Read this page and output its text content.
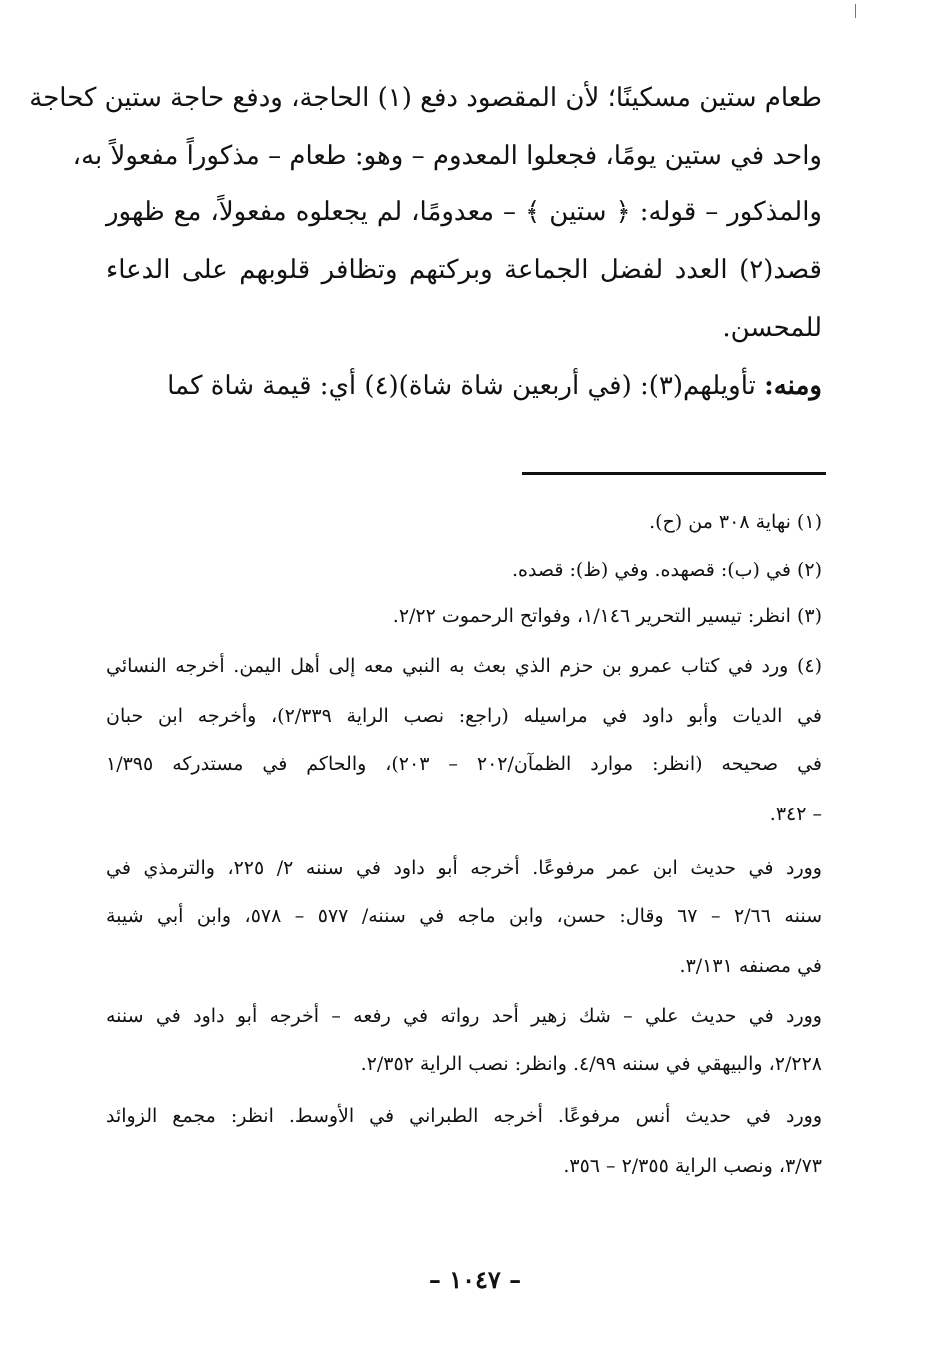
طعام ستين مسكينًا؛ لأن المقصود دفع (١) الحاجة، ودفع حاجة ستين كحاجة
واحد في ستين يومًا، فجعلوا المعدوم – وهو: طعام – مذكوراً مفعولاً به،
والمذكور – قوله: ﴿ ستين ﴾ – معدومًا، لم يجعلوه مفعولاً، مع ظهور
قصد(٢) العدد لفضل الجماعة وبركتهم وتظافر قلوبهم على الدعاء
للمحسن.
ومنه: تأويلهم(٣): (في أربعين شاة شاة)(٤) أي: قيمة شاة كما
(١) نهاية ٣٠٨ من (ح).
(٢) في (ب): قصهده. وفي (ظ): قصده.
(٣) انظر: تيسير التحرير ١/١٤٦، وفواتح الرحموت ٢/٢٢.
(٤) ورد في كتاب عمرو بن حزم الذي بعث به النبي معه إلى أهل اليمن. أخرجه النسائي
في الديات وأبو داود في مراسيله (راجع: نصب الراية ٢/٣٣٩)، وأخرجه ابن حبان
في صحيحه (انظر: موارد الظمآن/٢٠٢ – ٢٠٣)، والحاكم في مستدركه ١/٣٩٥
– ٣٤٢.
وورد في حديث ابن عمر مرفوعًا. أخرجه أبو داود في سننه ٢/ ٢٢٥، والترمذي في
سننه ٢/٦٦ – ٦٧ وقال: حسن، وابن ماجه في سننه/ ٥٧٧ – ٥٧٨، وابن أبي شيبة
في مصنفه ٣/١٣١.
وورد في حديث علي – شك زهير أحد رواته في رفعه – أخرجه أبو داود في سننه
٢/٢٢٨، والبيهقي في سننه ٤/٩٩. وانظر: نصب الراية ٢/٣٥٢.
وورد في حديث أنس مرفوعًا. أخرجه الطبراني في الأوسط. انظر: مجمع الزوائد
٣/٧٣، ونصب الراية ٢/٣٥٥ – ٣٥٦.
– ١٠٤٧ –
